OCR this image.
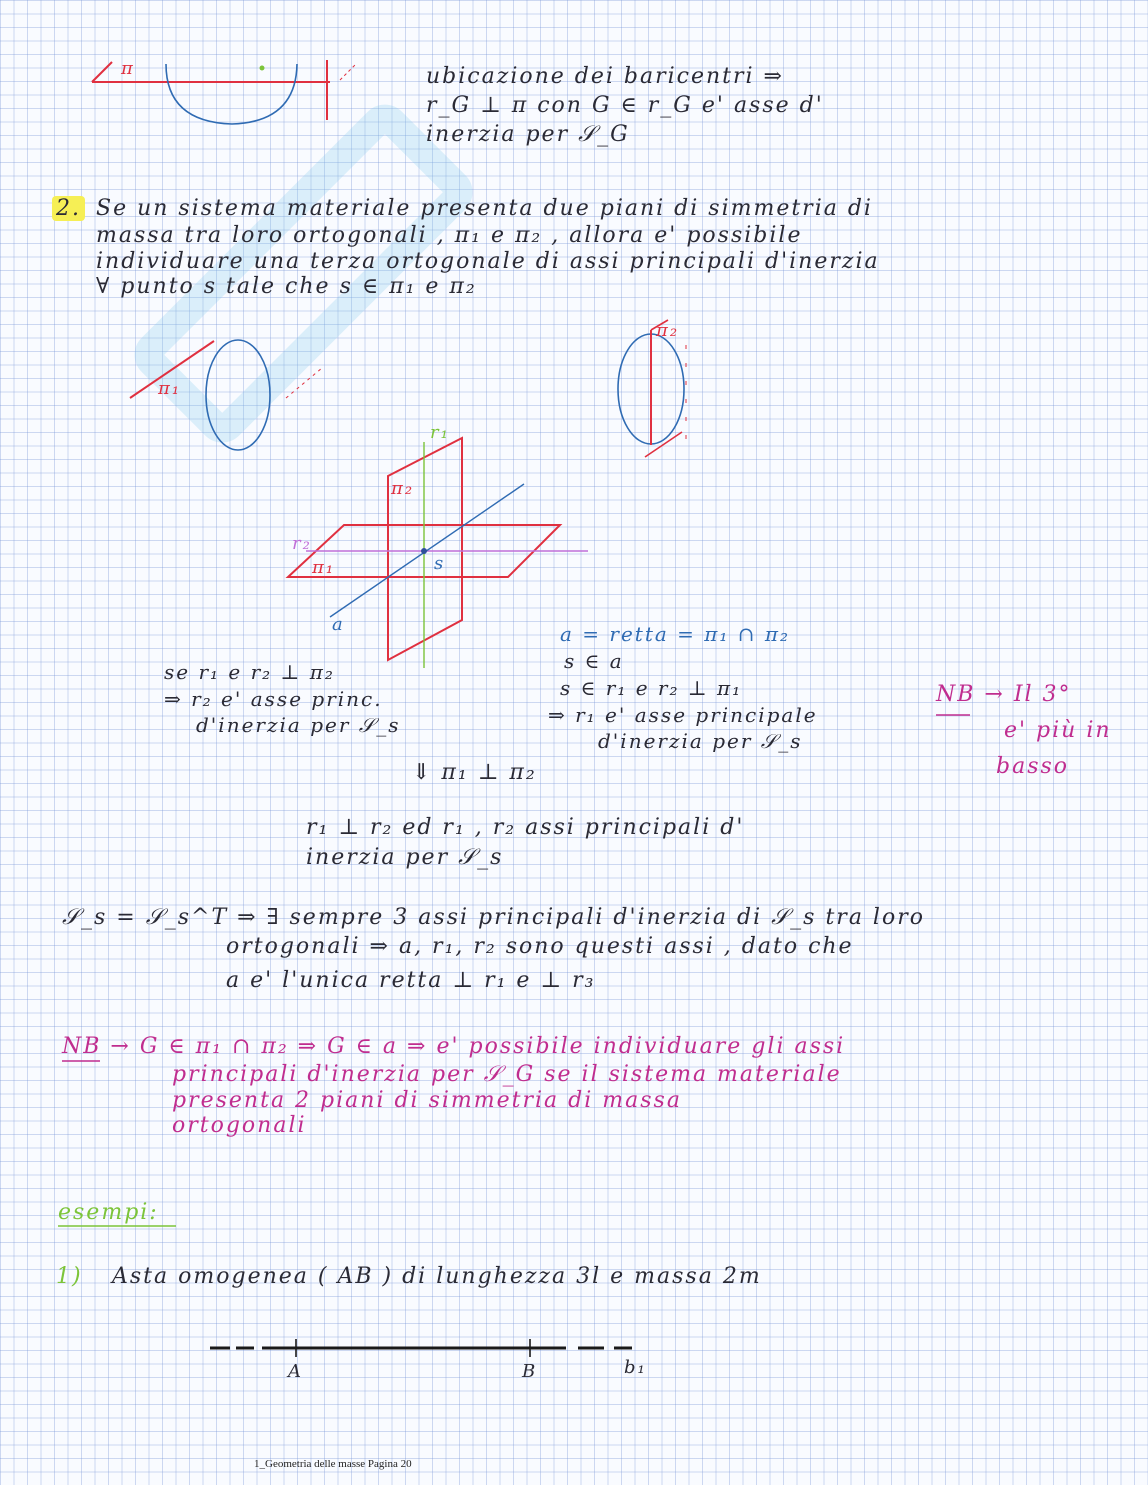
ubicazione dei baricentri ⇒
r_G ⊥ π con G ∈ r_G e' asse d'
inerzia per 𝒮_G
π
2. Se un sistema materiale presenta due piani di simmetria di
massa tra loro ortogonali , π₁ e π₂ , allora e' possibile
individuare una terza ortogonale di assi principali d'inerzia
∀ punto s tale che s ∈ π₁ e π₂
π₁
π₂
r₁
π₂
r₂
π₁	s
a
se r₁ e r₂ ⊥ π₂
⇒ r₂ e' asse princ.
d'inerzia per 𝒮_s
a = retta = π₁ ∩ π₂
s ∈ a
s ∈ r₁ e r₂ ⊥ π₁
⇒ r₁ e' asse principale
d'inerzia per 𝒮_s
NB → Il 3°
e' più in
basso
⇓ π₁ ⊥ π₂
r₁ ⊥ r₂ ed r₁ , r₂ assi principali d'
inerzia per 𝒮_s
𝒮_s = 𝒮_s^T ⇒ ∃ sempre 3 assi principali d'inerzia di 𝒮_s tra loro
ortogonali ⇒ a, r₁, r₂ sono questi assi , dato che
a e' l'unica retta ⊥ r₁ e ⊥ r₃
NB → G ∈ π₁ ∩ π₂ ⇒ G ∈ a ⇒ e' possibile individuare gli assi
principali d'inerzia per 𝒮_G se il sistema materiale
presenta 2 piani di simmetria di massa
ortogonali
esempi:
1) Asta omogenea ( AB ) di lunghezza 3l e massa 2m
A	B	b₁
1_Geometria delle masse Pagina 20
